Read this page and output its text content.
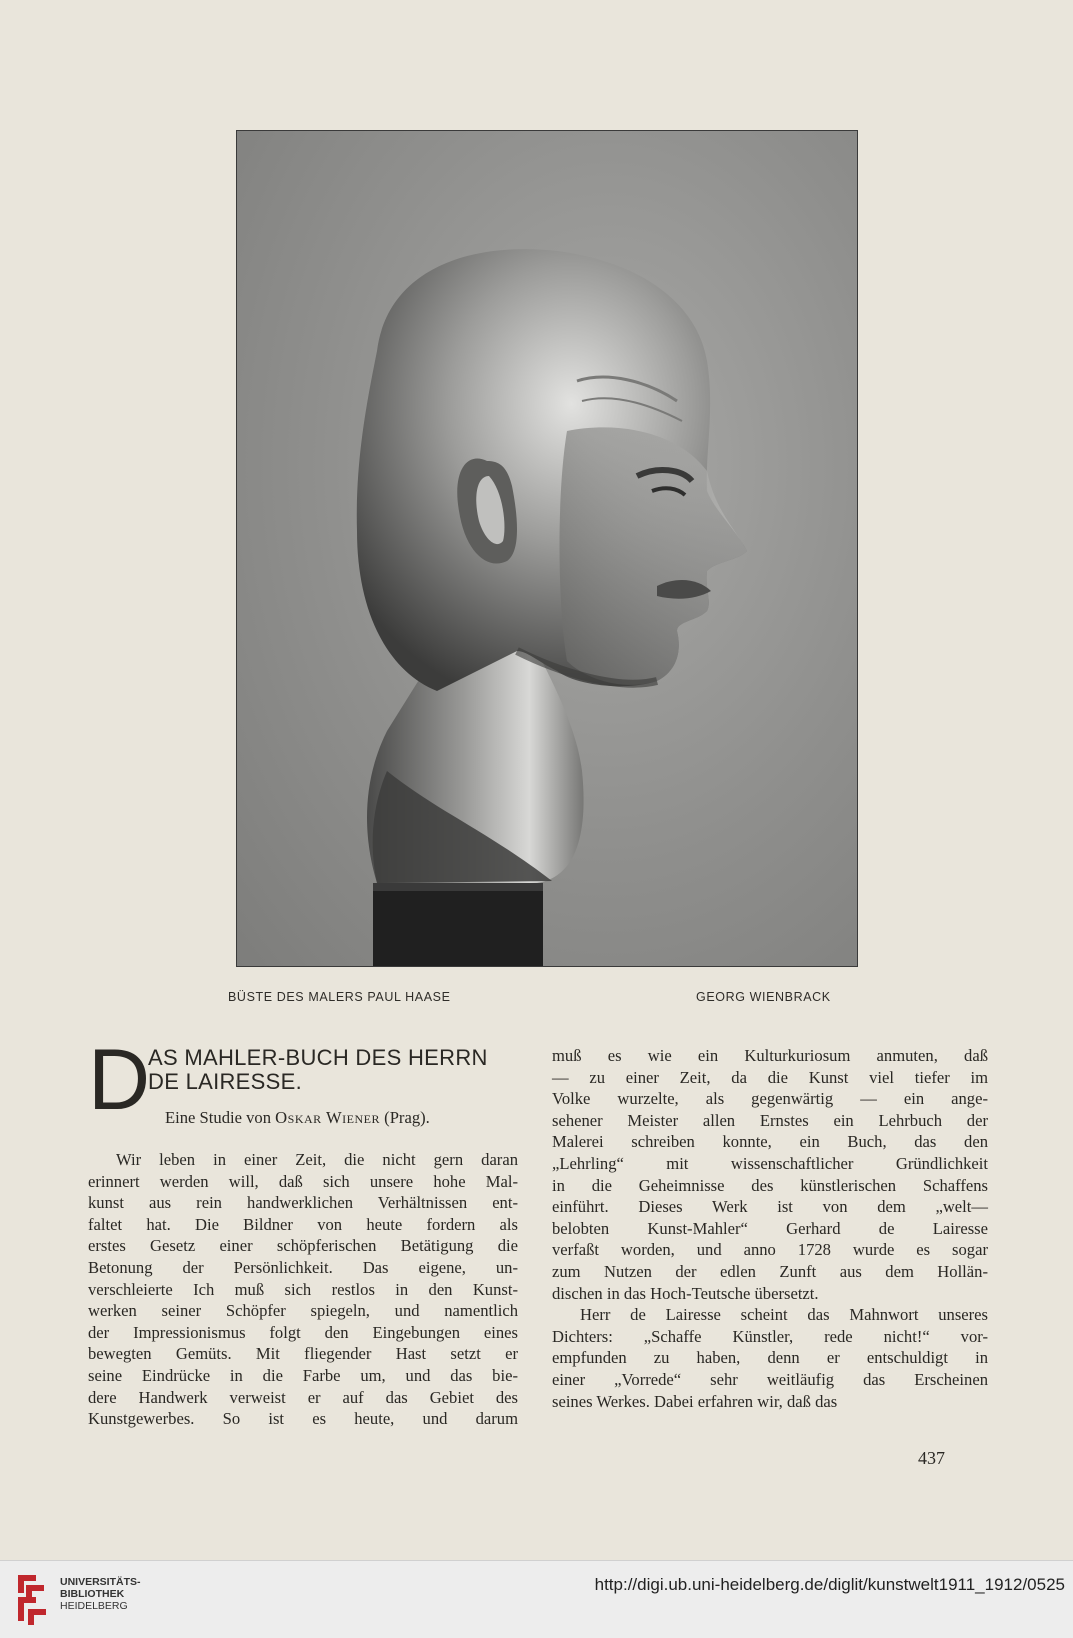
BÜSTE DES MALERS PAUL HAASE	GEORG WIENBRACK
D
AS MAHLER-BUCH DES HERRN
DE LAIRESSE.
Eine Studie von Oskar Wiener (Prag).
Wir leben in einer Zeit, die nicht gern daran
erinnert werden will, daß sich unsere hohe Mal-
kunst aus rein handwerklichen Verhältnissen ent-
faltet hat. Die Bildner von heute fordern als
erstes Gesetz einer schöpferischen Betätigung die
Betonung der Persönlichkeit. Das eigene, un-
verschleierte Ich muß sich restlos in den Kunst-
werken seiner Schöpfer spiegeln, und namentlich
der Impressionismus folgt den Eingebungen eines
bewegten Gemüts. Mit fliegender Hast setzt er
seine Eindrücke in die Farbe um, und das bie-
dere Handwerk verweist er auf das Gebiet des
Kunstgewerbes. So ist es heute, und darum
muß es wie ein Kulturkuriosum anmuten, daß
— zu einer Zeit, da die Kunst viel tiefer im
Volke wurzelte, als gegenwärtig — ein ange-
sehener Meister allen Ernstes ein Lehrbuch der
Malerei schreiben konnte, ein Buch, das den
„Lehrling“ mit wissenschaftlicher Gründlichkeit
in die Geheimnisse des künstlerischen Schaffens
einführt. Dieses Werk ist von dem „welt—
belobten Kunst-Mahler“ Gerhard de Lairesse
verfaßt worden, und anno 1728 wurde es sogar
zum Nutzen der edlen Zunft aus dem Hollän-
dischen in das Hoch-Teutsche übersetzt.
Herr de Lairesse scheint das Mahnwort unseres
Dichters: „Schaffe Künstler, rede nicht!“ vor-
empfunden zu haben, denn er entschuldigt in
einer „Vorrede“ sehr weitläufig das Erscheinen
seines Werkes. Dabei erfahren wir, daß das
437
UNIVERSITÄTS-
BIBLIOTHEK
HEIDELBERG
http://digi.ub.uni-heidelberg.de/diglit/kunstwelt1911_1912/0525
